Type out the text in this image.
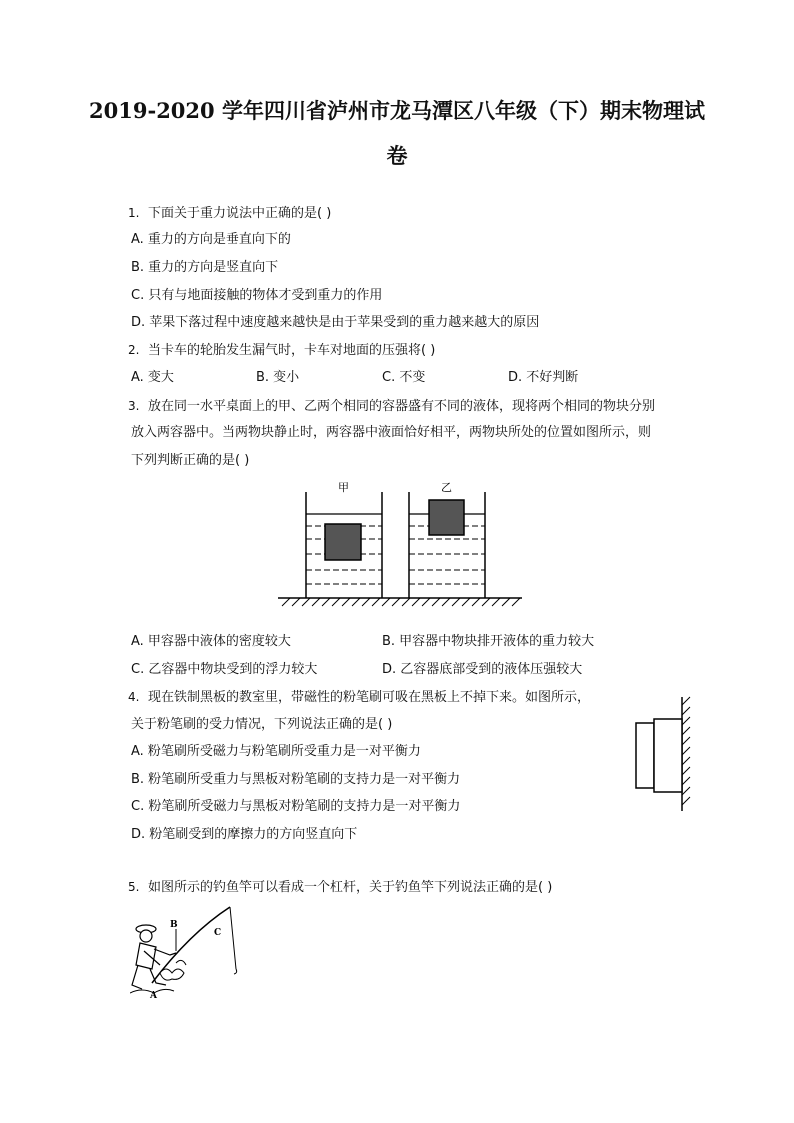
2019-2020 学年四川省泸州市龙马潭区八年级（下）期末物理试
卷
1. 下面关于重力说法中正确的是( )
A. 重力的方向是垂直向下的
B. 重力的方向是竖直向下
C. 只有与地面接触的物体才受到重力的作用
D. 苹果下落过程中速度越来越快是由于苹果受到的重力越来越大的原因
2. 当卡车的轮胎发生漏气时，卡车对地面的压强将( )
A. 变大	B. 变小	C. 不变	D. 不好判断
3. 放在同一水平桌面上的甲、乙两个相同的容器盛有不同的液体，现将两个相同的物块分别
放入两容器中。当两物块静止时，两容器中液面恰好相平，两物块所处的位置如图所示，则
下列判断正确的是( )
甲	乙
A. 甲容器中液体的密度较大	B. 甲容器中物块排开液体的重力较大
C. 乙容器中物块受到的浮力较大	D. 乙容器底部受到的液体压强较大
4. 现在铁制黑板的教室里，带磁性的粉笔刷可吸在黑板上不掉下来。如图所示，
关于粉笔刷的受力情况，下列说法正确的是( )
A. 粉笔刷所受磁力与粉笔刷所受重力是一对平衡力
B. 粉笔刷所受重力与黑板对粉笔刷的支持力是一对平衡力
C. 粉笔刷所受磁力与黑板对粉笔刷的支持力是一对平衡力
D. 粉笔刷受到的摩擦力的方向竖直向下
5. 如图所示的钓鱼竿可以看成一个杠杆，关于钓鱼竿下列说法正确的是( )
A
B
C
